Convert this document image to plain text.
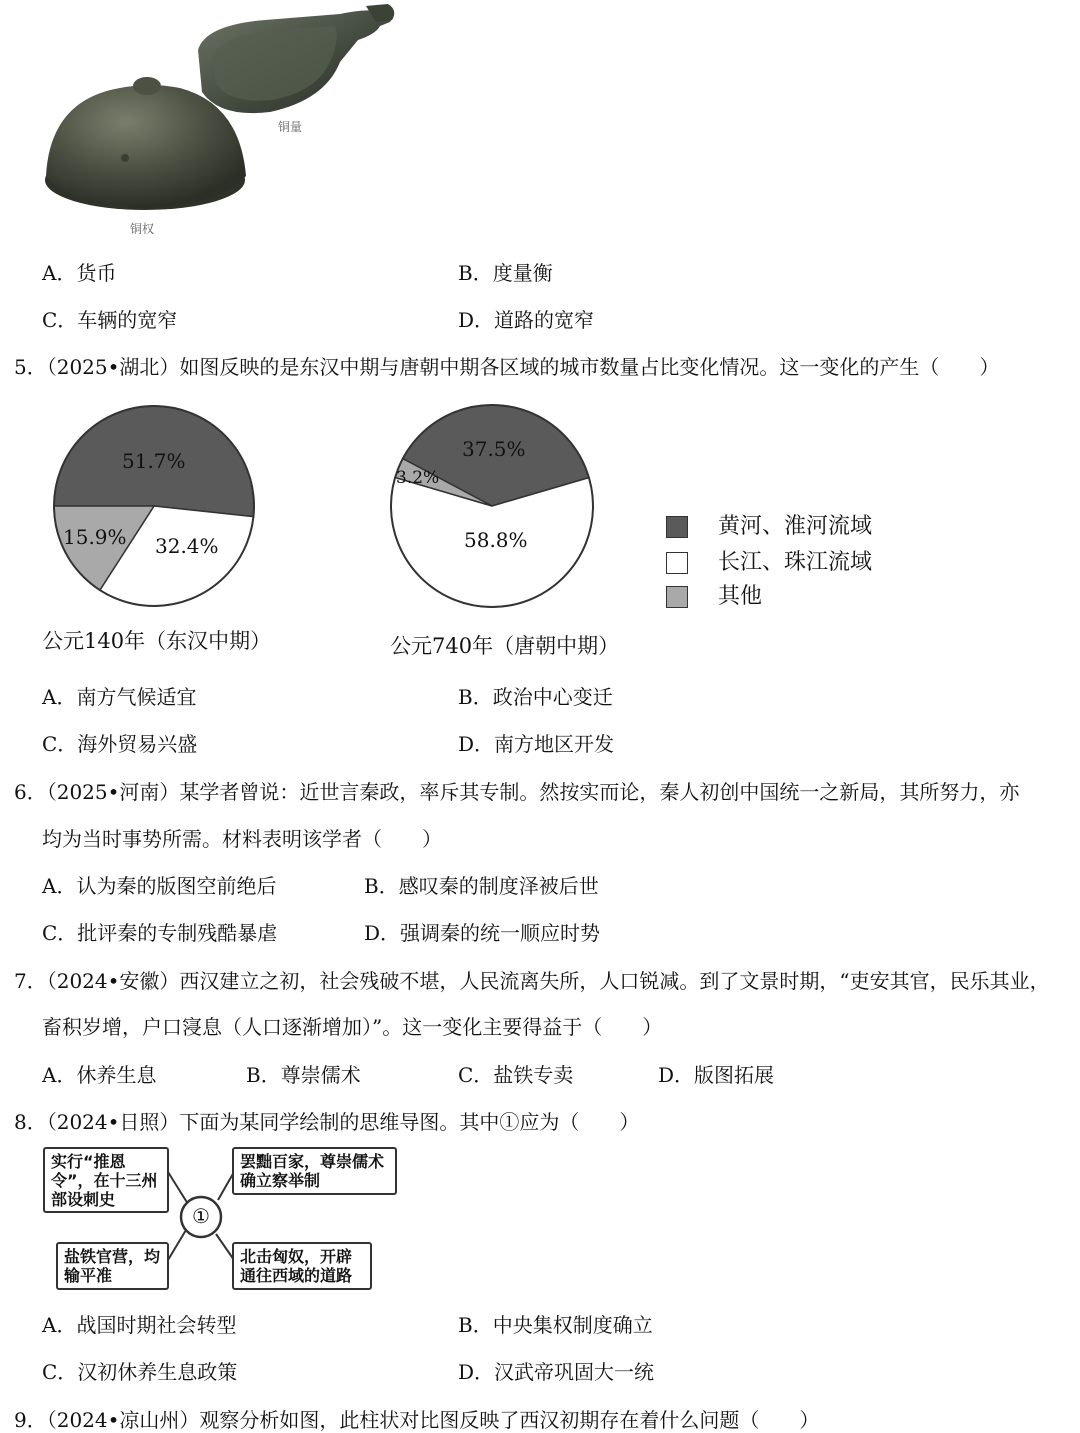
铜量
铜权
A．货币	B．度量衡
C．车辆的宽窄	D．道路的宽窄
5．（2025•湖北）如图反映的是东汉中期与唐朝中期各区域的城市数量占比变化情况。这一变化的产生（　　）
51.7%
32.4%
15.9%
37.5%
58.8%
3.2%
公元140年（东汉中期）	公元740年（唐朝中期）
黄河、淮河流域
长江、珠江流域
其他
A．南方气候适宜	B．政治中心变迁
C．海外贸易兴盛	D．南方地区开发
6．（2025•河南）某学者曾说：近世言秦政，率斥其专制。然按实而论，秦人初创中国统一之新局，其所努力，亦
均为当时事势所需。材料表明该学者（　　）
A．认为秦的版图空前绝后	B．感叹秦的制度泽被后世
C．批评秦的专制残酷暴虐	D．强调秦的统一顺应时势
7．（2024•安徽）西汉建立之初，社会残破不堪，人民流离失所，人口锐减。到了文景时期，“吏安其官，民乐其业，
畜积岁增，户口寖息（人口逐渐增加）”。这一变化主要得益于（　　）
A．休养生息	B．尊崇儒术	C．盐铁专卖	D．版图拓展
8．（2024•日照）下面为某同学绘制的思维导图。其中①应为（　　）
①
实行“推恩令”，在十三州部设刺史
罢黜百家，尊崇儒术确立察举制
盐铁官营，均输平准
北击匈奴，开辟通往西域的道路
A．战国时期社会转型	B．中央集权制度确立
C．汉初休养生息政策	D．汉武帝巩固大一统
9．（2024•凉山州）观察分析如图，此柱状对比图反映了西汉初期存在着什么问题（　　）
